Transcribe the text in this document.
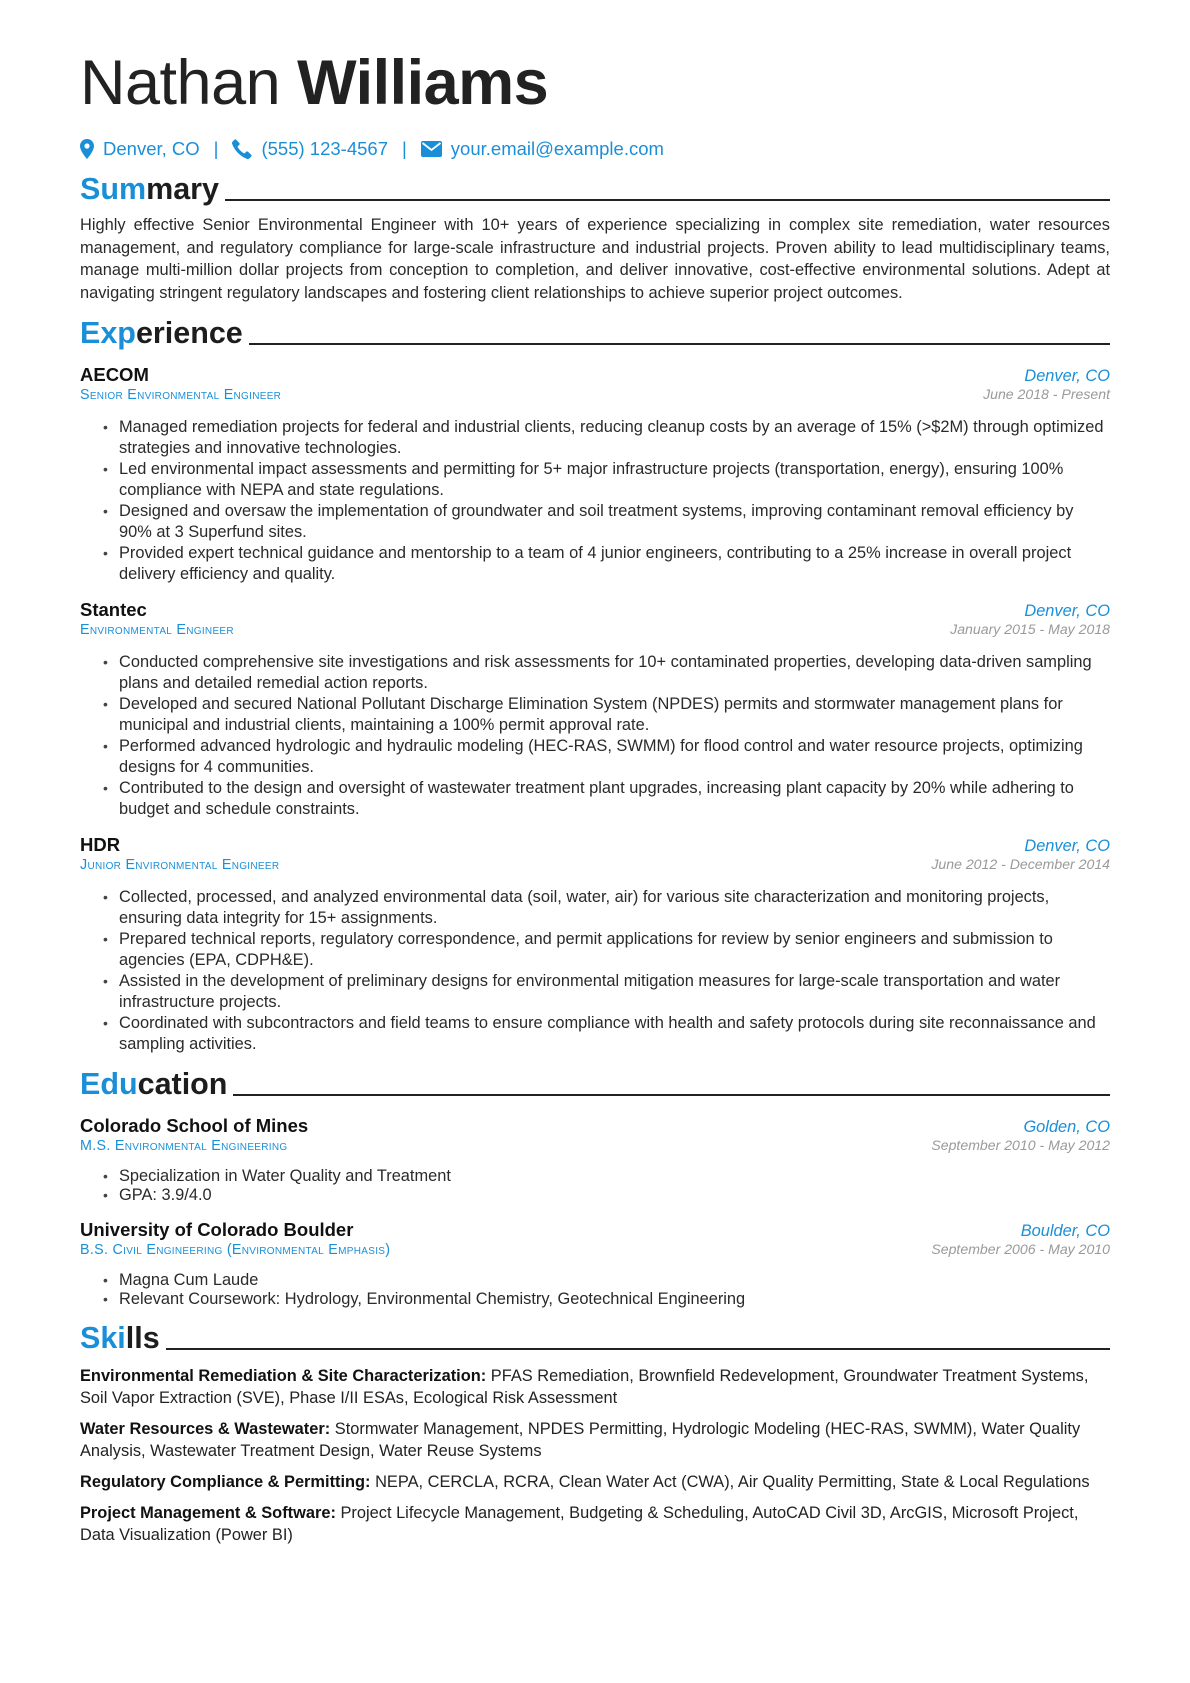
Nathan Williams
Denver, CO | (555) 123-4567 | your.email@example.com
Summary
Highly effective Senior Environmental Engineer with 10+ years of experience specializing in complex site remediation, water resources management, and regulatory compliance for large-scale infrastructure and industrial projects. Proven ability to lead multidisciplinary teams, manage multi-million dollar projects from conception to completion, and deliver innovative, cost-effective environmental solutions. Adept at navigating stringent regulatory landscapes and fostering client relationships to achieve superior project outcomes.
Experience
AECOM	Denver, CO
Senior Environmental Engineer	June 2018 - Present
• Managed remediation projects for federal and industrial clients, reducing cleanup costs by an average of 15% (>$2M) through optimized strategies and innovative technologies.
• Led environmental impact assessments and permitting for 5+ major infrastructure projects (transportation, energy), ensuring 100% compliance with NEPA and state regulations.
• Designed and oversaw the implementation of groundwater and soil treatment systems, improving contaminant removal efficiency by 90% at 3 Superfund sites.
• Provided expert technical guidance and mentorship to a team of 4 junior engineers, contributing to a 25% increase in overall project delivery efficiency and quality.
Stantec	Denver, CO
Environmental Engineer	January 2015 - May 2018
• Conducted comprehensive site investigations and risk assessments for 10+ contaminated properties, developing data-driven sampling plans and detailed remedial action reports.
• Developed and secured National Pollutant Discharge Elimination System (NPDES) permits and stormwater management plans for municipal and industrial clients, maintaining a 100% permit approval rate.
• Performed advanced hydrologic and hydraulic modeling (HEC-RAS, SWMM) for flood control and water resource projects, optimizing designs for 4 communities.
• Contributed to the design and oversight of wastewater treatment plant upgrades, increasing plant capacity by 20% while adhering to budget and schedule constraints.
HDR	Denver, CO
Junior Environmental Engineer	June 2012 - December 2014
• Collected, processed, and analyzed environmental data (soil, water, air) for various site characterization and monitoring projects, ensuring data integrity for 15+ assignments.
• Prepared technical reports, regulatory correspondence, and permit applications for review by senior engineers and submission to agencies (EPA, CDPH&E).
• Assisted in the development of preliminary designs for environmental mitigation measures for large-scale transportation and water infrastructure projects.
• Coordinated with subcontractors and field teams to ensure compliance with health and safety protocols during site reconnaissance and sampling activities.
Education
Colorado School of Mines	Golden, CO
M.S. Environmental Engineering	September 2010 - May 2012
• Specialization in Water Quality and Treatment
• GPA: 3.9/4.0
University of Colorado Boulder	Boulder, CO
B.S. Civil Engineering (Environmental Emphasis)	September 2006 - May 2010
• Magna Cum Laude
• Relevant Coursework: Hydrology, Environmental Chemistry, Geotechnical Engineering
Skills
Environmental Remediation & Site Characterization: PFAS Remediation, Brownfield Redevelopment, Groundwater Treatment Systems, Soil Vapor Extraction (SVE), Phase I/II ESAs, Ecological Risk Assessment
Water Resources & Wastewater: Stormwater Management, NPDES Permitting, Hydrologic Modeling (HEC-RAS, SWMM), Water Quality Analysis, Wastewater Treatment Design, Water Reuse Systems
Regulatory Compliance & Permitting: NEPA, CERCLA, RCRA, Clean Water Act (CWA), Air Quality Permitting, State & Local Regulations
Project Management & Software: Project Lifecycle Management, Budgeting & Scheduling, AutoCAD Civil 3D, ArcGIS, Microsoft Project, Data Visualization (Power BI)
